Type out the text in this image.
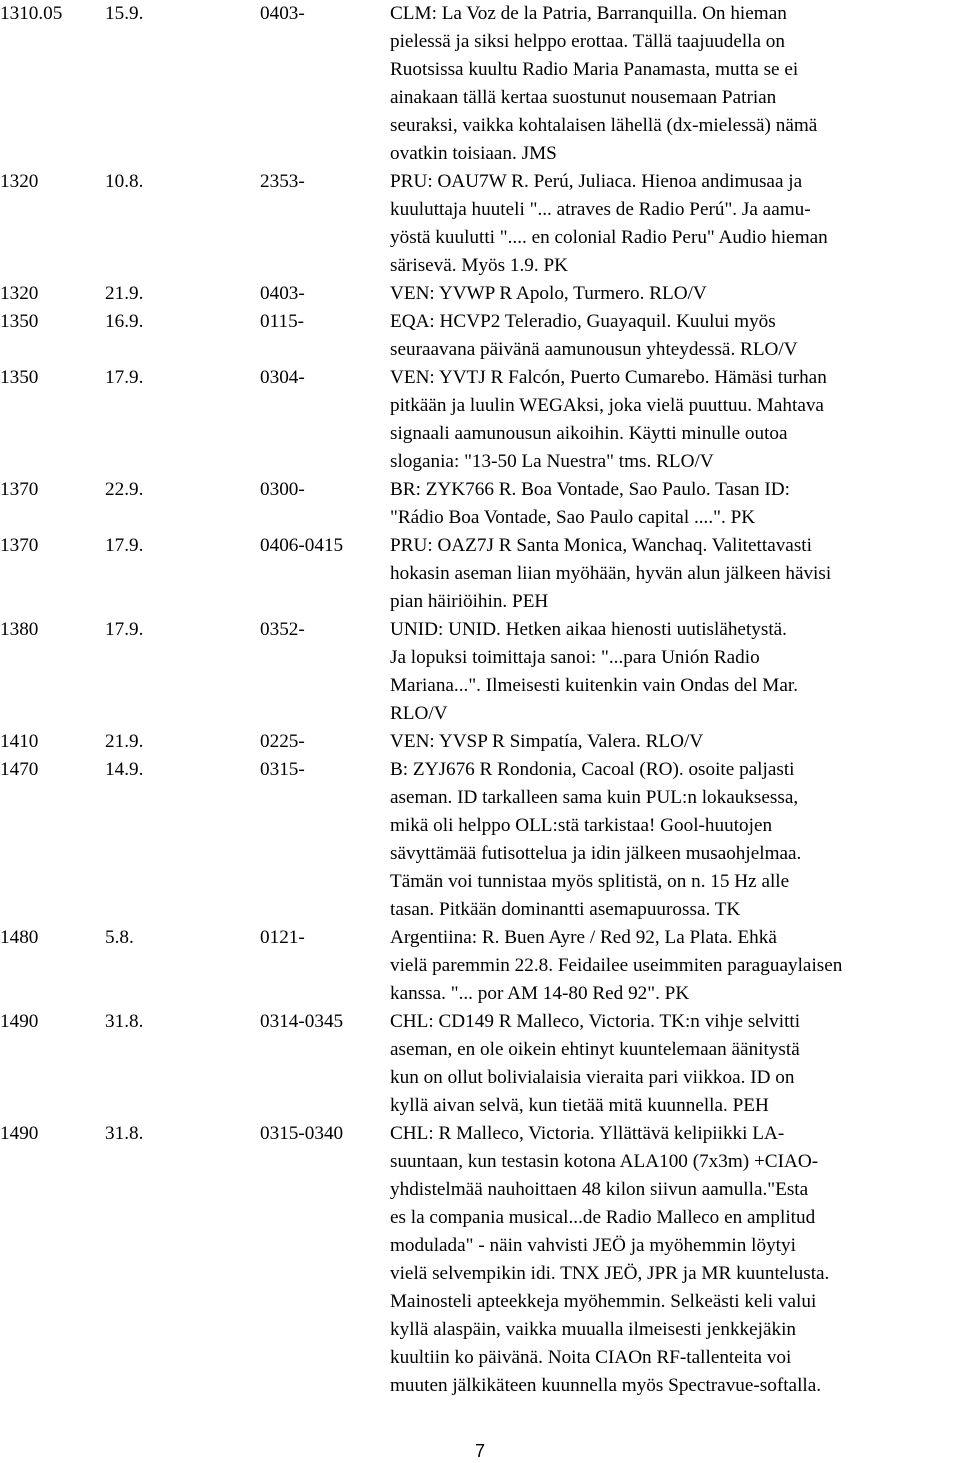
1310.05	15.9.	0403-	CLM: La Voz de la Patria, Barranquilla. On hieman
pielessä ja siksi helppo erottaa. Tällä taajuudella on
Ruotsissa kuultu Radio Maria Panamasta, mutta se ei
ainakaan tällä kertaa suostunut nousemaan Patrian
seuraksi, vaikka kohtalaisen lähellä (dx-mielessä) nämä
ovatkin toisiaan. JMS
1320	10.8.	2353-	PRU: OAU7W R. Perú, Juliaca. Hienoa andimusaa ja
kuuluttaja huuteli "... atraves de Radio Perú". Ja aamu-
yöstä kuulutti ".... en colonial Radio Peru" Audio hieman
särisevä. Myös 1.9. PK
1320	21.9.	0403-	VEN: YVWP R Apolo, Turmero. RLO/V
1350	16.9.	0115-	EQA: HCVP2 Teleradio, Guayaquil. Kuului myös
seuraavana päivänä aamunousun yhteydessä. RLO/V
1350	17.9.	0304-	VEN: YVTJ R Falcón, Puerto Cumarebo. Hämäsi turhan
pitkään ja luulin WEGAksi, joka vielä puuttuu. Mahtava
signaali aamunousun aikoihin. Käytti minulle outoa
slogania: "13-50 La Nuestra" tms. RLO/V
1370	22.9.	0300-	BR: ZYK766 R. Boa Vontade, Sao Paulo. Tasan ID:
"Rádio Boa Vontade, Sao Paulo capital ....". PK
1370	17.9.	0406-0415	PRU: OAZ7J R Santa Monica, Wanchaq. Valitettavasti
hokasin aseman liian myöhään, hyvän alun jälkeen hävisi
pian häiriöihin. PEH
1380	17.9.	0352-	UNID: UNID. Hetken aikaa hienosti uutislähetystä.
Ja lopuksi toimittaja sanoi: "...para Unión Radio
Mariana...". Ilmeisesti kuitenkin vain Ondas del Mar.
RLO/V
1410	21.9.	0225-	VEN: YVSP R Simpatía, Valera. RLO/V
1470	14.9.	0315-	B: ZYJ676 R Rondonia, Cacoal (RO). osoite paljasti
aseman. ID tarkalleen sama kuin PUL:n lokauksessa,
mikä oli helppo OLL:stä tarkistaa! Gool-huutojen
sävyttämää futisottelua ja idin jälkeen musaohjelmaa.
Tämän voi tunnistaa myös splitistä, on n. 15 Hz alle
tasan. Pitkään dominantti asemapuurossa. TK
1480	5.8.	0121-	Argentiina: R. Buen Ayre / Red 92, La Plata. Ehkä
vielä paremmin 22.8. Feidailee useimmiten paraguaylaisen
kanssa. "... por AM 14-80 Red 92". PK
1490	31.8.	0314-0345	CHL: CD149 R Malleco, Victoria. TK:n vihje selvitti
aseman, en ole oikein ehtinyt kuuntelemaan äänitystä
kun on ollut bolivialaisia vieraita pari viikkoa. ID on
kyllä aivan selvä, kun tietää mitä kuunnella. PEH
1490	31.8.	0315-0340	CHL: R Malleco, Victoria. Yllättävä kelipiikki LA-
suuntaan, kun testasin kotona ALA100 (7x3m) +CIAO-
yhdistelmää nauhoittaen 48 kilon siivun aamulla."Esta
es la compania musical...de Radio Malleco en amplitud
modulada" - näin vahvisti JEÖ ja myöhemmin löytyi
vielä selvempikin idi. TNX JEÖ, JPR ja MR kuuntelusta.
Mainosteli apteekkeja myöhemmin. Selkeästi keli valui
kyllä alaspäin, vaikka muualla ilmeisesti jenkkejäkin
kuultiin ko päivänä. Noita CIAOn RF-tallenteita voi
muuten jälkikäteen kuunnella myös Spectravue-softalla.
7
